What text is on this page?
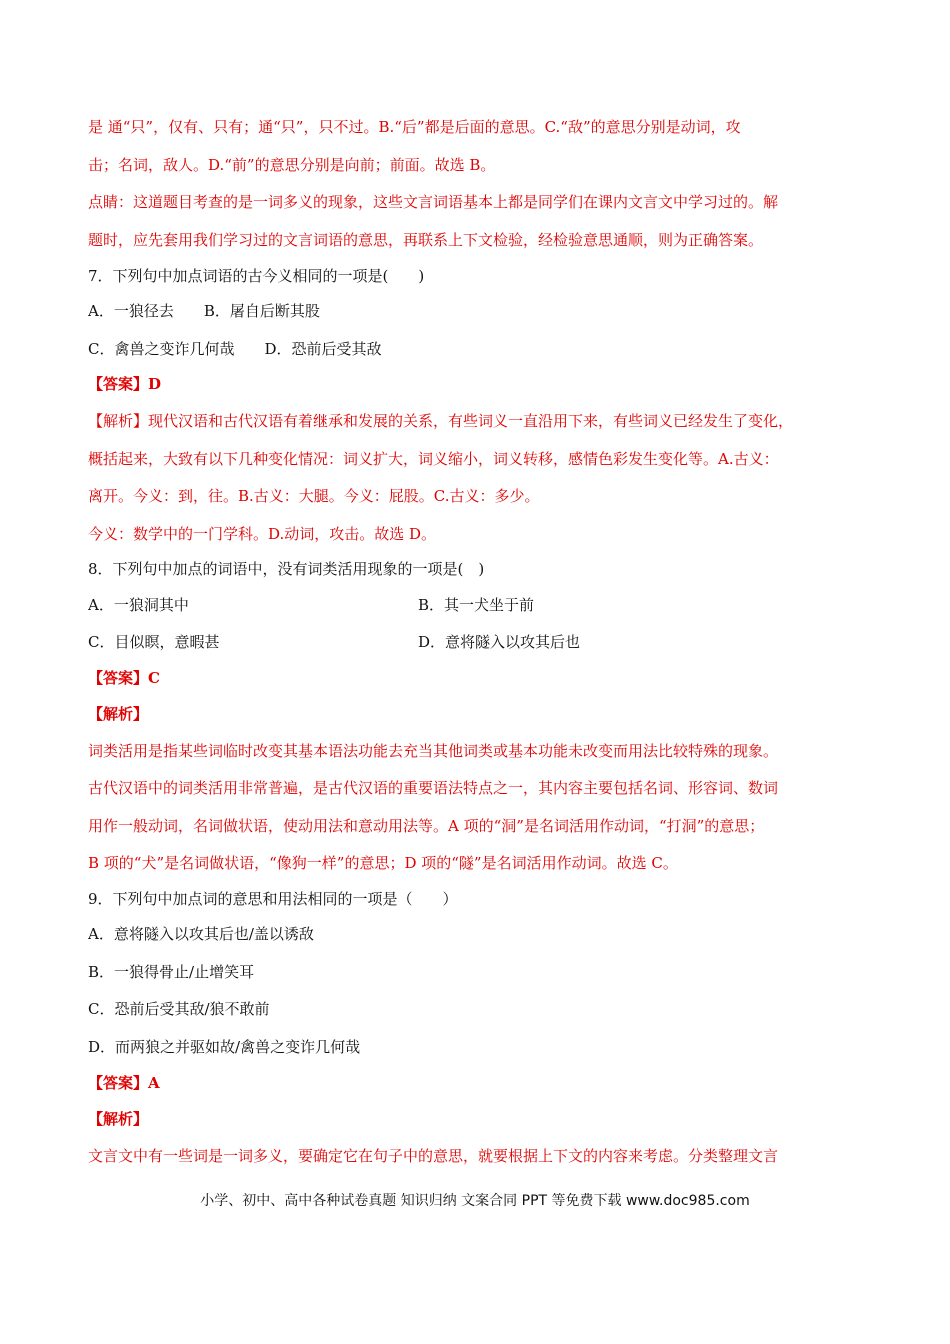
是 通“只”，仅有、只有；通“只”，只不过。B.“后”都是后面的意思。C.“敌”的意思分别是动词，攻
击；名词，敌人。D.“前”的意思分别是向前；前面。故选 B。
点睛：这道题目考查的是一词多义的现象，这些文言词语基本上都是同学们在课内文言文中学习过的。解
题时，应先套用我们学习过的文言词语的意思，再联系上下文检验，经检验意思通顺，则为正确答案。
7．下列句中加点词语的古今义相同的一项是(　　)
A．一狼径去　　B．屠自后断其股
C．禽兽之变诈几何哉　　D．恐前后受其敌
【答案】D
【解析】现代汉语和古代汉语有着继承和发展的关系，有些词义一直沿用下来，有些词义已经发生了变化，
概括起来，大致有以下几种变化情况：词义扩大，词义缩小，词义转移，感情色彩发生变化等。A.古义：
离开。今义：到，往。B.古义：大腿。今义：屁股。C.古义：多少。
今义：数学中的一门学科。D.动词，攻击。故选 D。
8．下列句中加点的词语中，没有词类活用现象的一项是(　)
A．一狼洞其中	B．其一犬坐于前
C．目似瞑，意暇甚	D．意将隧入以攻其后也
【答案】C
【解析】
词类活用是指某些词临时改变其基本语法功能去充当其他词类或基本功能未改变而用法比较特殊的现象。
古代汉语中的词类活用非常普遍，是古代汉语的重要语法特点之一，其内容主要包括名词、形容词、数词
用作一般动词，名词做状语，使动用法和意动用法等。A 项的“洞”是名词活用作动词，“打洞”的意思；
B 项的“犬”是名词做状语，“像狗一样”的意思；D 项的“隧”是名词活用作动词。故选 C。
9．下列句中加点词的意思和用法相同的一项是（　　）
A．意将隧入以攻其后也/盖以诱敌
B．一狼得骨止/止增笑耳
C．恐前后受其敌/狼不敢前
D．而两狼之并驱如故/禽兽之变诈几何哉
【答案】A
【解析】
文言文中有一些词是一词多义，要确定它在句子中的意思，就要根据上下文的内容来考虑。分类整理文言
小学、初中、高中各种试卷真题 知识归纳 文案合同 PPT 等免费下载 www.doc985.com
